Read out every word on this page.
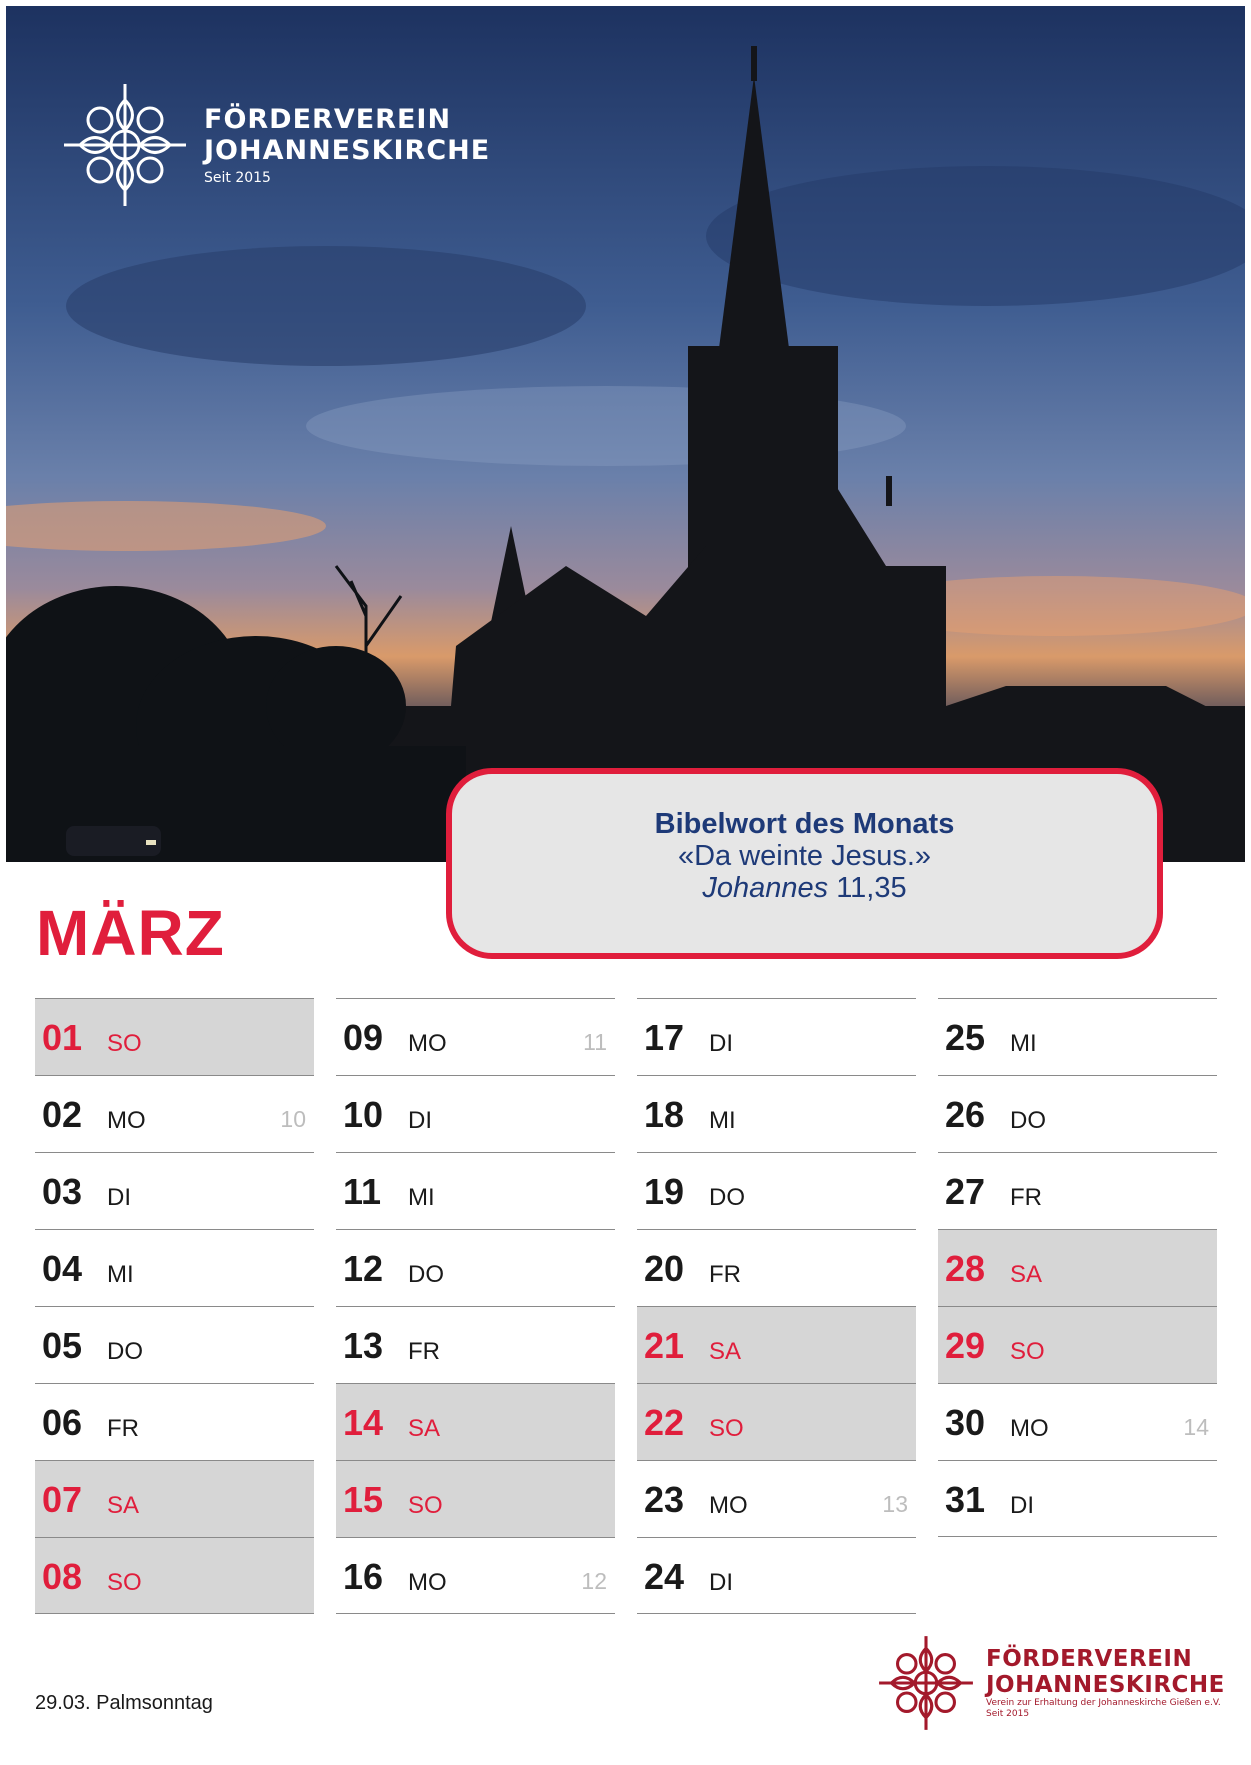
FÖRDERVEREIN
JOHANNESKIRCHE
Seit 2015
Bibelwort des Monats
«Da weinte Jesus.»
Johannes 11,35
MÄRZ
01 SO
02 MO	10
03 DI
04 MI
05 DO
06 FR
07 SA
08 SO
09 MO	11
10 DI
11 MI
12 DO
13 FR
14 SA
15 SO
16 MO	12
17 DI
18 MI
19 DO
20 FR
21 SA
22 SO
23 MO	13
24 DI
25 MI
26 DO
27 FR
28 SA
29 SO
30 MO	14
31 DI
29.03. Palmsonntag
FÖRDERVEREIN
JOHANNESKIRCHE
Verein zur Erhaltung der Johanneskirche Gießen e.V.
Seit 2015
